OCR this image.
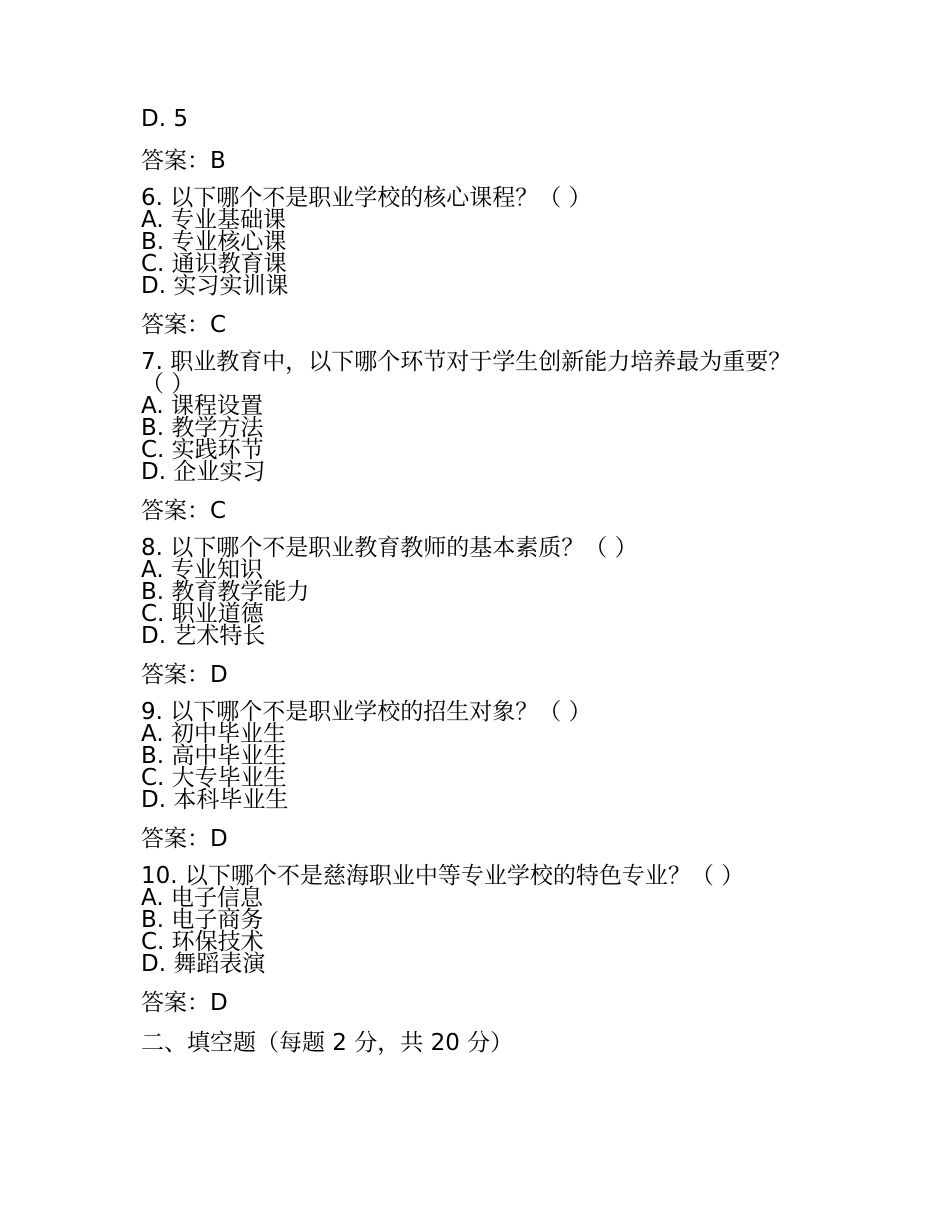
D. 5
答案：B
6. 以下哪个不是职业学校的核心课程？（ ）
A. 专业基础课
B. 专业核心课
C. 通识教育课
D. 实习实训课
答案：C
7. 职业教育中，以下哪个环节对于学生创新能力培养最为重要？（ ）
A. 课程设置
B. 教学方法
C. 实践环节
D. 企业实习
答案：C
8. 以下哪个不是职业教育教师的基本素质？（ ）
A. 专业知识
B. 教育教学能力
C. 职业道德
D. 艺术特长
答案：D
9. 以下哪个不是职业学校的招生对象？（ ）
A. 初中毕业生
B. 高中毕业生
C. 大专毕业生
D. 本科毕业生
答案：D
10. 以下哪个不是慈海职业中等专业学校的特色专业？（ ）
A. 电子信息
B. 电子商务
C. 环保技术
D. 舞蹈表演
答案：D
二、填空题（每题 2 分，共 20 分）
